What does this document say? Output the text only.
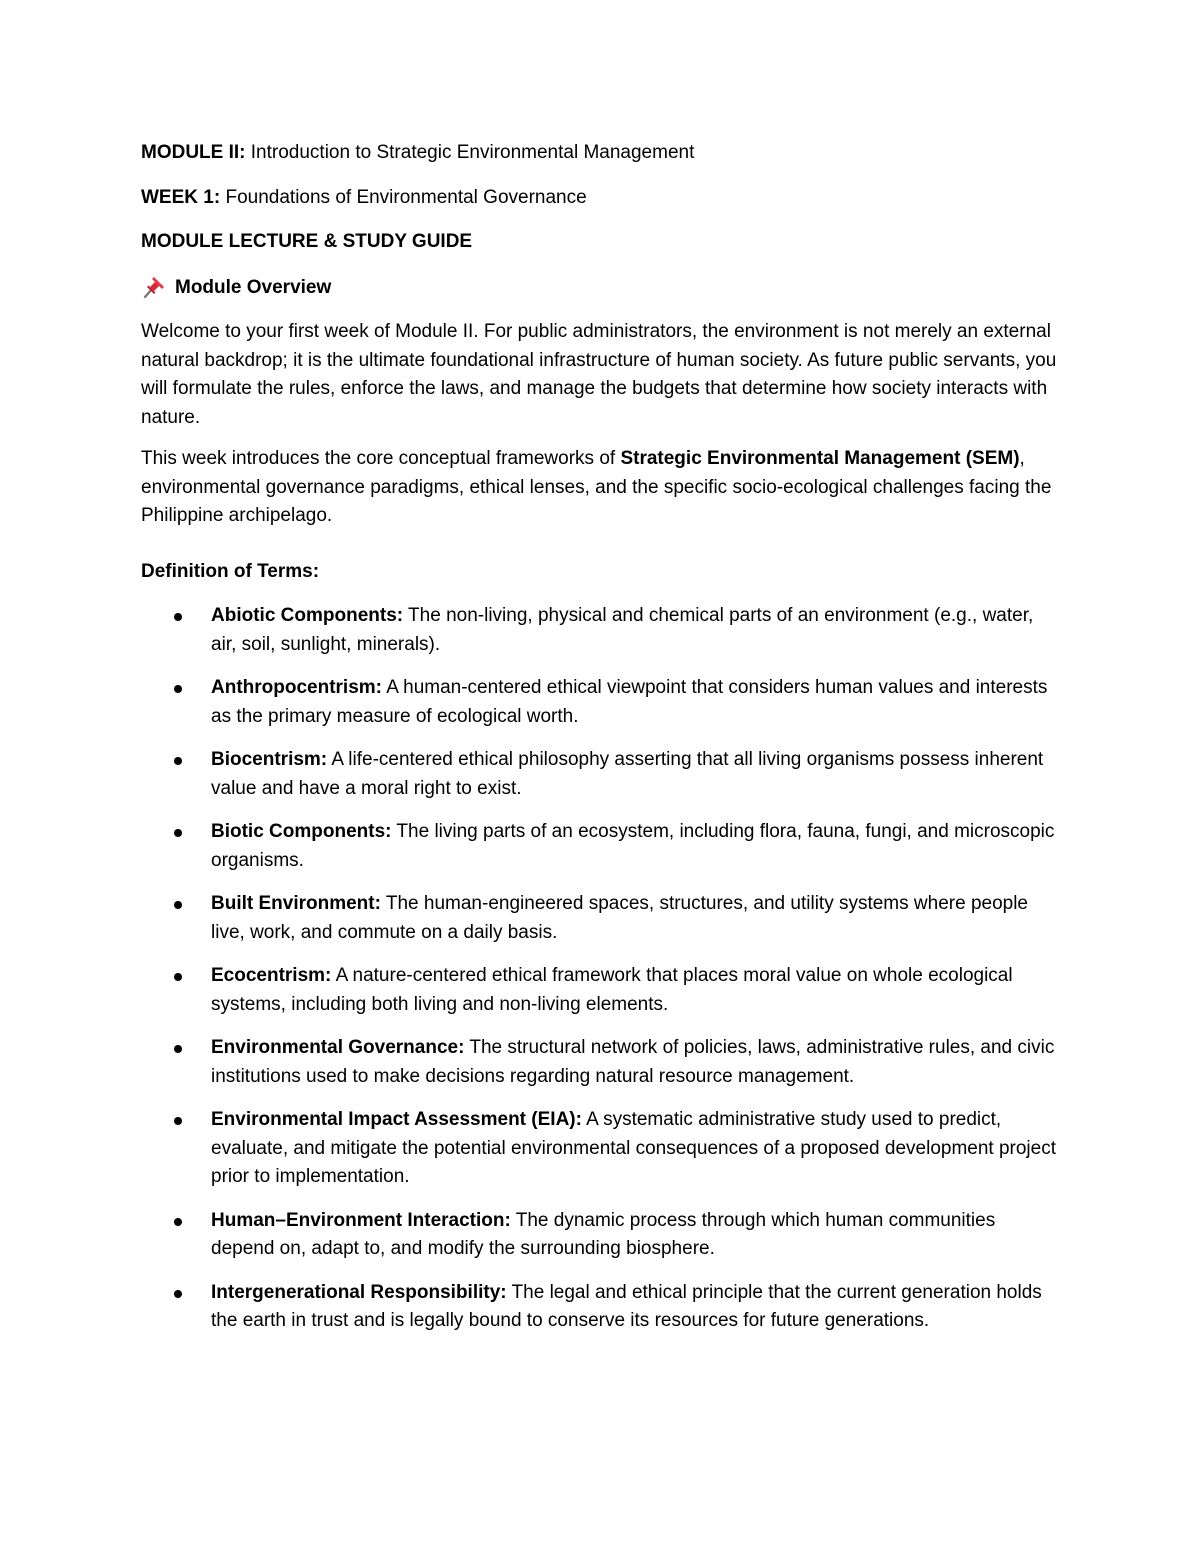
MODULE II: Introduction to Strategic Environmental Management
WEEK 1: Foundations of Environmental Governance
MODULE LECTURE & STUDY GUIDE
Module Overview

Welcome to your first week of Module II. For public administrators, the environment is not merely an external natural backdrop; it is the ultimate foundational infrastructure of human society. As future public servants, you will formulate the rules, enforce the laws, and manage the budgets that determine how society interacts with nature.

This week introduces the core conceptual frameworks of Strategic Environmental Management (SEM), environmental governance paradigms, ethical lenses, and the specific socio-ecological challenges facing the Philippine archipelago.

Definition of Terms:
Abiotic Components: The non-living, physical and chemical parts of an environment (e.g., water, air, soil, sunlight, minerals).
Anthropocentrism: A human-centered ethical viewpoint that considers human values and interests as the primary measure of ecological worth.
Biocentrism: A life-centered ethical philosophy asserting that all living organisms possess inherent value and have a moral right to exist.
Biotic Components: The living parts of an ecosystem, including flora, fauna, fungi, and microscopic organisms.
Built Environment: The human-engineered spaces, structures, and utility systems where people live, work, and commute on a daily basis.
Ecocentrism: A nature-centered ethical framework that places moral value on whole ecological systems, including both living and non-living elements.
Environmental Governance: The structural network of policies, laws, administrative rules, and civic institutions used to make decisions regarding natural resource management.
Environmental Impact Assessment (EIA): A systematic administrative study used to predict, evaluate, and mitigate the potential environmental consequences of a proposed development project prior to implementation.
Human–Environment Interaction: The dynamic process through which human communities depend on, adapt to, and modify the surrounding biosphere.
Intergenerational Responsibility: The legal and ethical principle that the current generation holds the earth in trust and is legally bound to conserve its resources for future generations.
